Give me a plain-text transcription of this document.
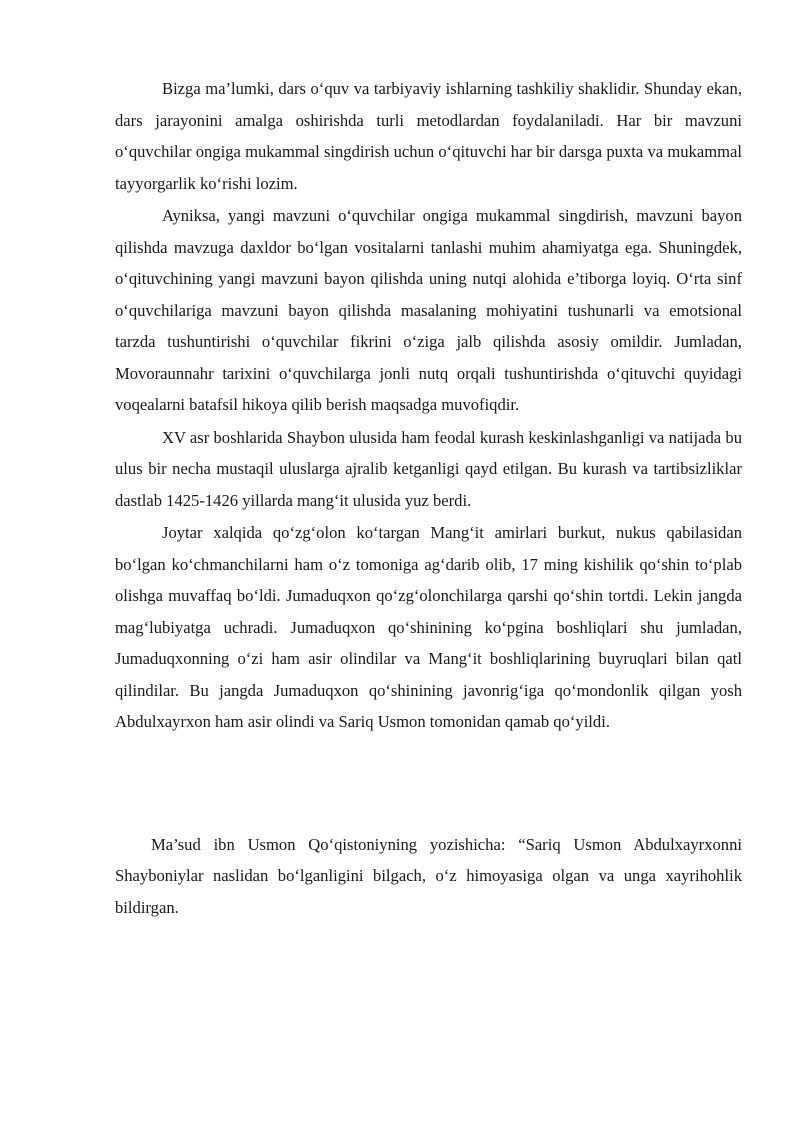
Bizga ma’lumki, dars o‘quv va tarbiyaviy ishlarning tashkiliy shaklidir. Shunday ekan, dars jarayonini amalga oshirishda turli metodlardan foydalaniladi. Har bir mavzuni o‘quvchilar ongiga mukammal singdirish uchun o‘qituvchi har bir darsga puxta va mukammal tayyorgarlik ko‘rishi lozim.

Ayniksa, yangi mavzuni o‘quvchilar ongiga mukammal singdirish, mavzuni bayon qilishda mavzuga daxldor bo‘lgan vositalarni tanlashi muhim ahamiyatga ega. Shuningdek, o‘qituvchining yangi mavzuni bayon qilishda uning nutqi alohida e’tiborga loyiq. O‘rta sinf o‘quvchilariga mavzuni bayon qilishda masalaning mohiyatini tushunarli va emotsional tarzda tushuntirishi o‘quvchilar fikrini o‘ziga jalb qilishda asosiy omildir. Jumladan, Movoraunnahr tarixini o‘quvchilarga jonli nutq orqali tushuntirishda o‘qituvchi quyidagi voqealarni batafsil hikoya qilib berish maqsadga muvofiqdir.

XV asr boshlarida Shaybon ulusida ham feodal kurash keskinlashganligi va natijada bu ulus bir necha mustaqil uluslarga ajralib ketganligi qayd etilgan. Bu kurash va tartibsizliklar dastlab 1425-1426 yillarda mang‘it ulusida yuz berdi.

Joytar xalqida qo‘zg‘olon ko‘targan Mang‘it amirlari burkut, nukus qabilasidan bo‘lgan ko‘chmanchilarni ham o‘z tomoniga ag‘darib olib, 17 ming kishilik qo‘shin to‘plab olishga muvaffaq bo‘ldi. Jumaduqxon qo‘zg‘olonchilarga qarshi qo‘shin tortdi. Lekin jangda mag‘lubiyatga uchradi. Jumaduqxon qo‘shinining ko‘pgina boshliqlari shu jumladan, Jumaduqxonning o‘zi ham asir olindilar va Mang‘it boshliqlarining buyruqlari bilan qatl qilindilar. Bu jangda Jumaduqxon qo‘shinining javonrig‘iga qo‘mondonlik qilgan yosh Abdulxayrxon ham asir olindi va Sariq Usmon tomonidan qamab qo‘yildi.

Ma’sud ibn Usmon Qo‘qistoniyning yozishicha: “Sariq Usmon Abdulxayrxonni Shayboniylar naslidan bo‘lganligini bilgach, o‘z himoyasiga olgan va unga xayrihohlik bildirgan.
